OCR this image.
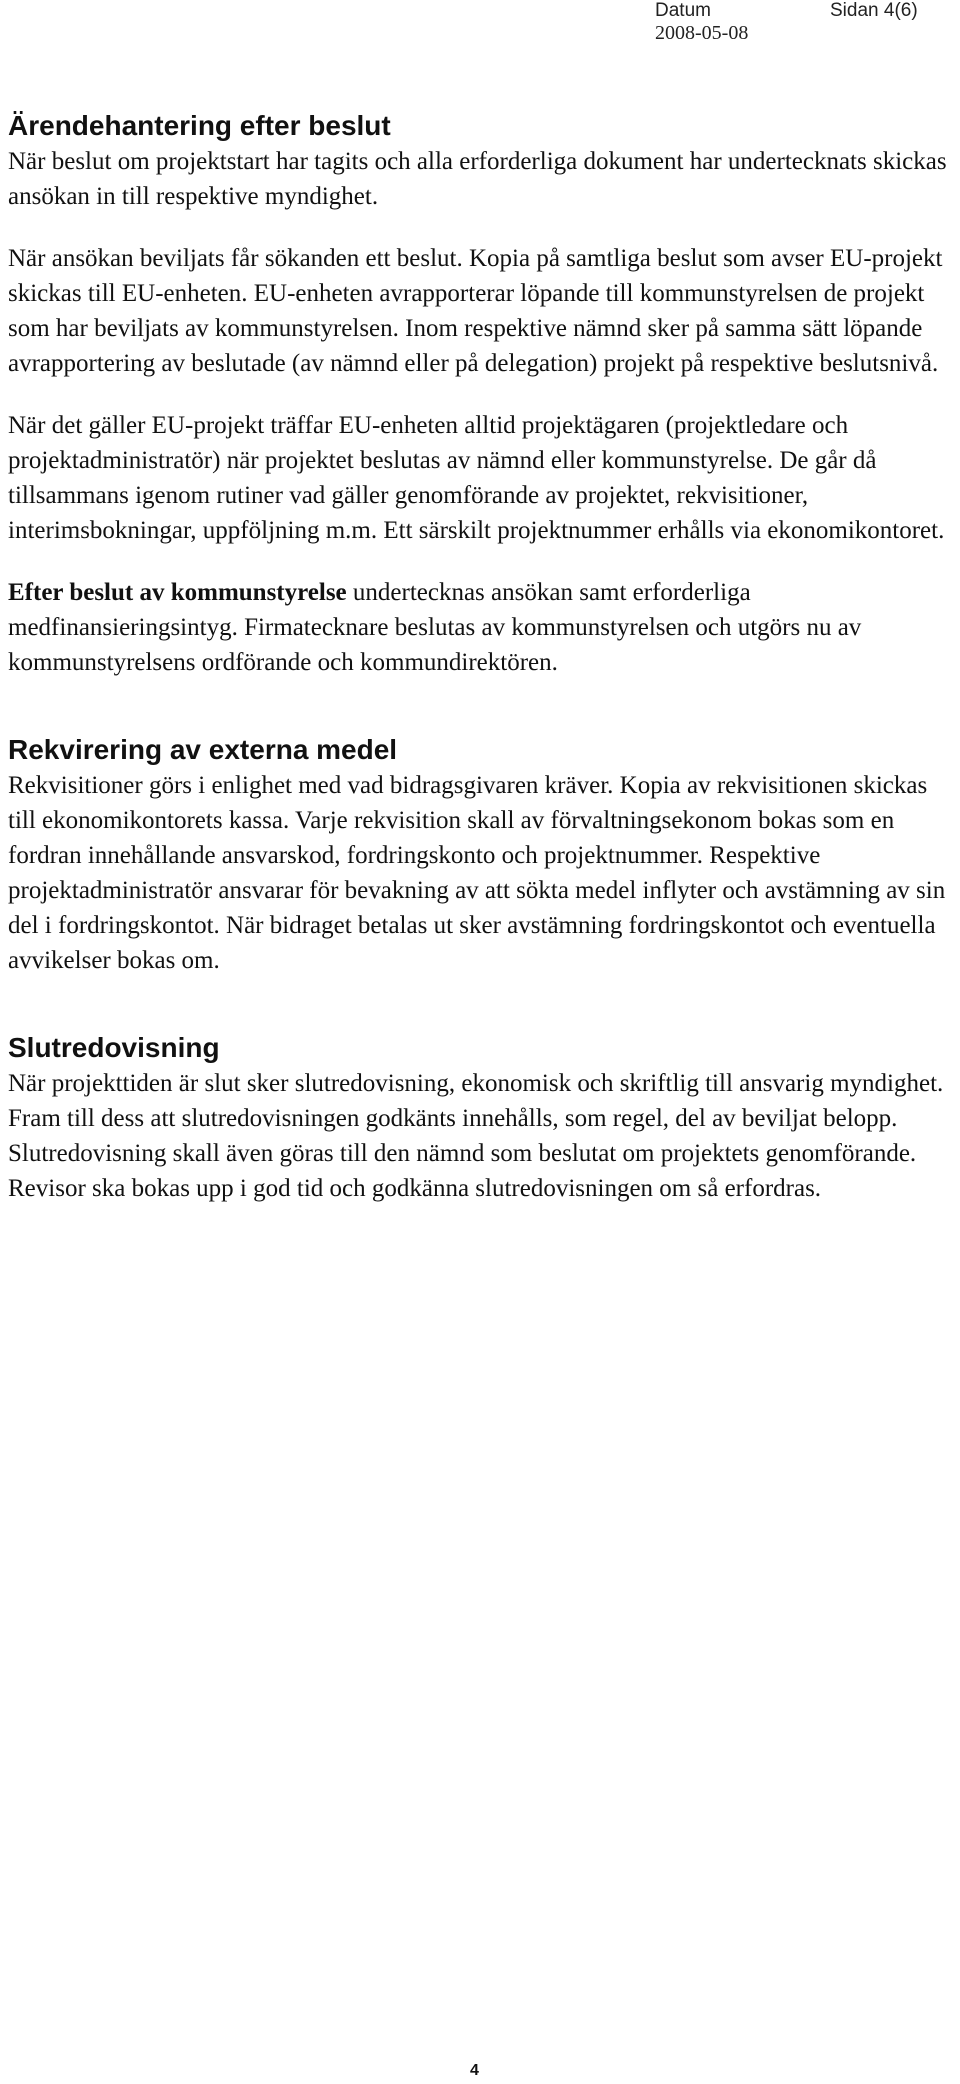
Datum	Sidan 4(6)
2008-05-08
Ärendehantering efter beslut

När beslut om projektstart har tagits och alla erforderliga dokument har undertecknats skickas ansökan in till respektive myndighet.

När ansökan beviljats får sökanden ett beslut. Kopia på samtliga beslut som avser EU-projekt skickas till EU-enheten. EU-enheten avrapporterar löpande till kommunstyrelsen de projekt som har beviljats av kommunstyrelsen. Inom respektive nämnd sker på samma sätt löpande avrapportering av beslutade (av nämnd eller på delegation) projekt på respektive beslutsnivå.

När det gäller EU-projekt träffar EU-enheten alltid projektägaren (projektledare och projektadministratör) när projektet beslutas av nämnd eller kommunstyrelse. De går då tillsammans igenom rutiner vad gäller genomförande av projektet, rekvisitioner, interimsbokningar, uppföljning m.m. Ett särskilt projektnummer erhålls via ekonomikontoret.

Efter beslut av kommunstyrelse undertecknas ansökan samt erforderliga medfinansieringsintyg. Firmatecknare beslutas av kommunstyrelsen och utgörs nu av kommunstyrelsens ordförande och kommundirektören.

Rekvirering av externa medel

Rekvisitioner görs i enlighet med vad bidragsgivaren kräver. Kopia av rekvisitionen skickas till ekonomikontorets kassa. Varje rekvisition skall av förvaltningsekonom bokas som en fordran innehållande ansvarskod, fordringskonto och projektnummer. Respektive projektadministratör ansvarar för bevakning av att sökta medel inflyter och avstämning av sin del i fordringskontot. När bidraget betalas ut sker avstämning fordringskontot och eventuella avvikelser bokas om.

Slutredovisning

När projekttiden är slut sker slutredovisning, ekonomisk och skriftlig till ansvarig myndighet. Fram till dess att slutredovisningen godkänts innehålls, som regel, del av beviljat belopp. Slutredovisning skall även göras till den nämnd som beslutat om projektets genomförande. Revisor ska bokas upp i god tid och godkänna slutredovisningen om så erfordras.

4
